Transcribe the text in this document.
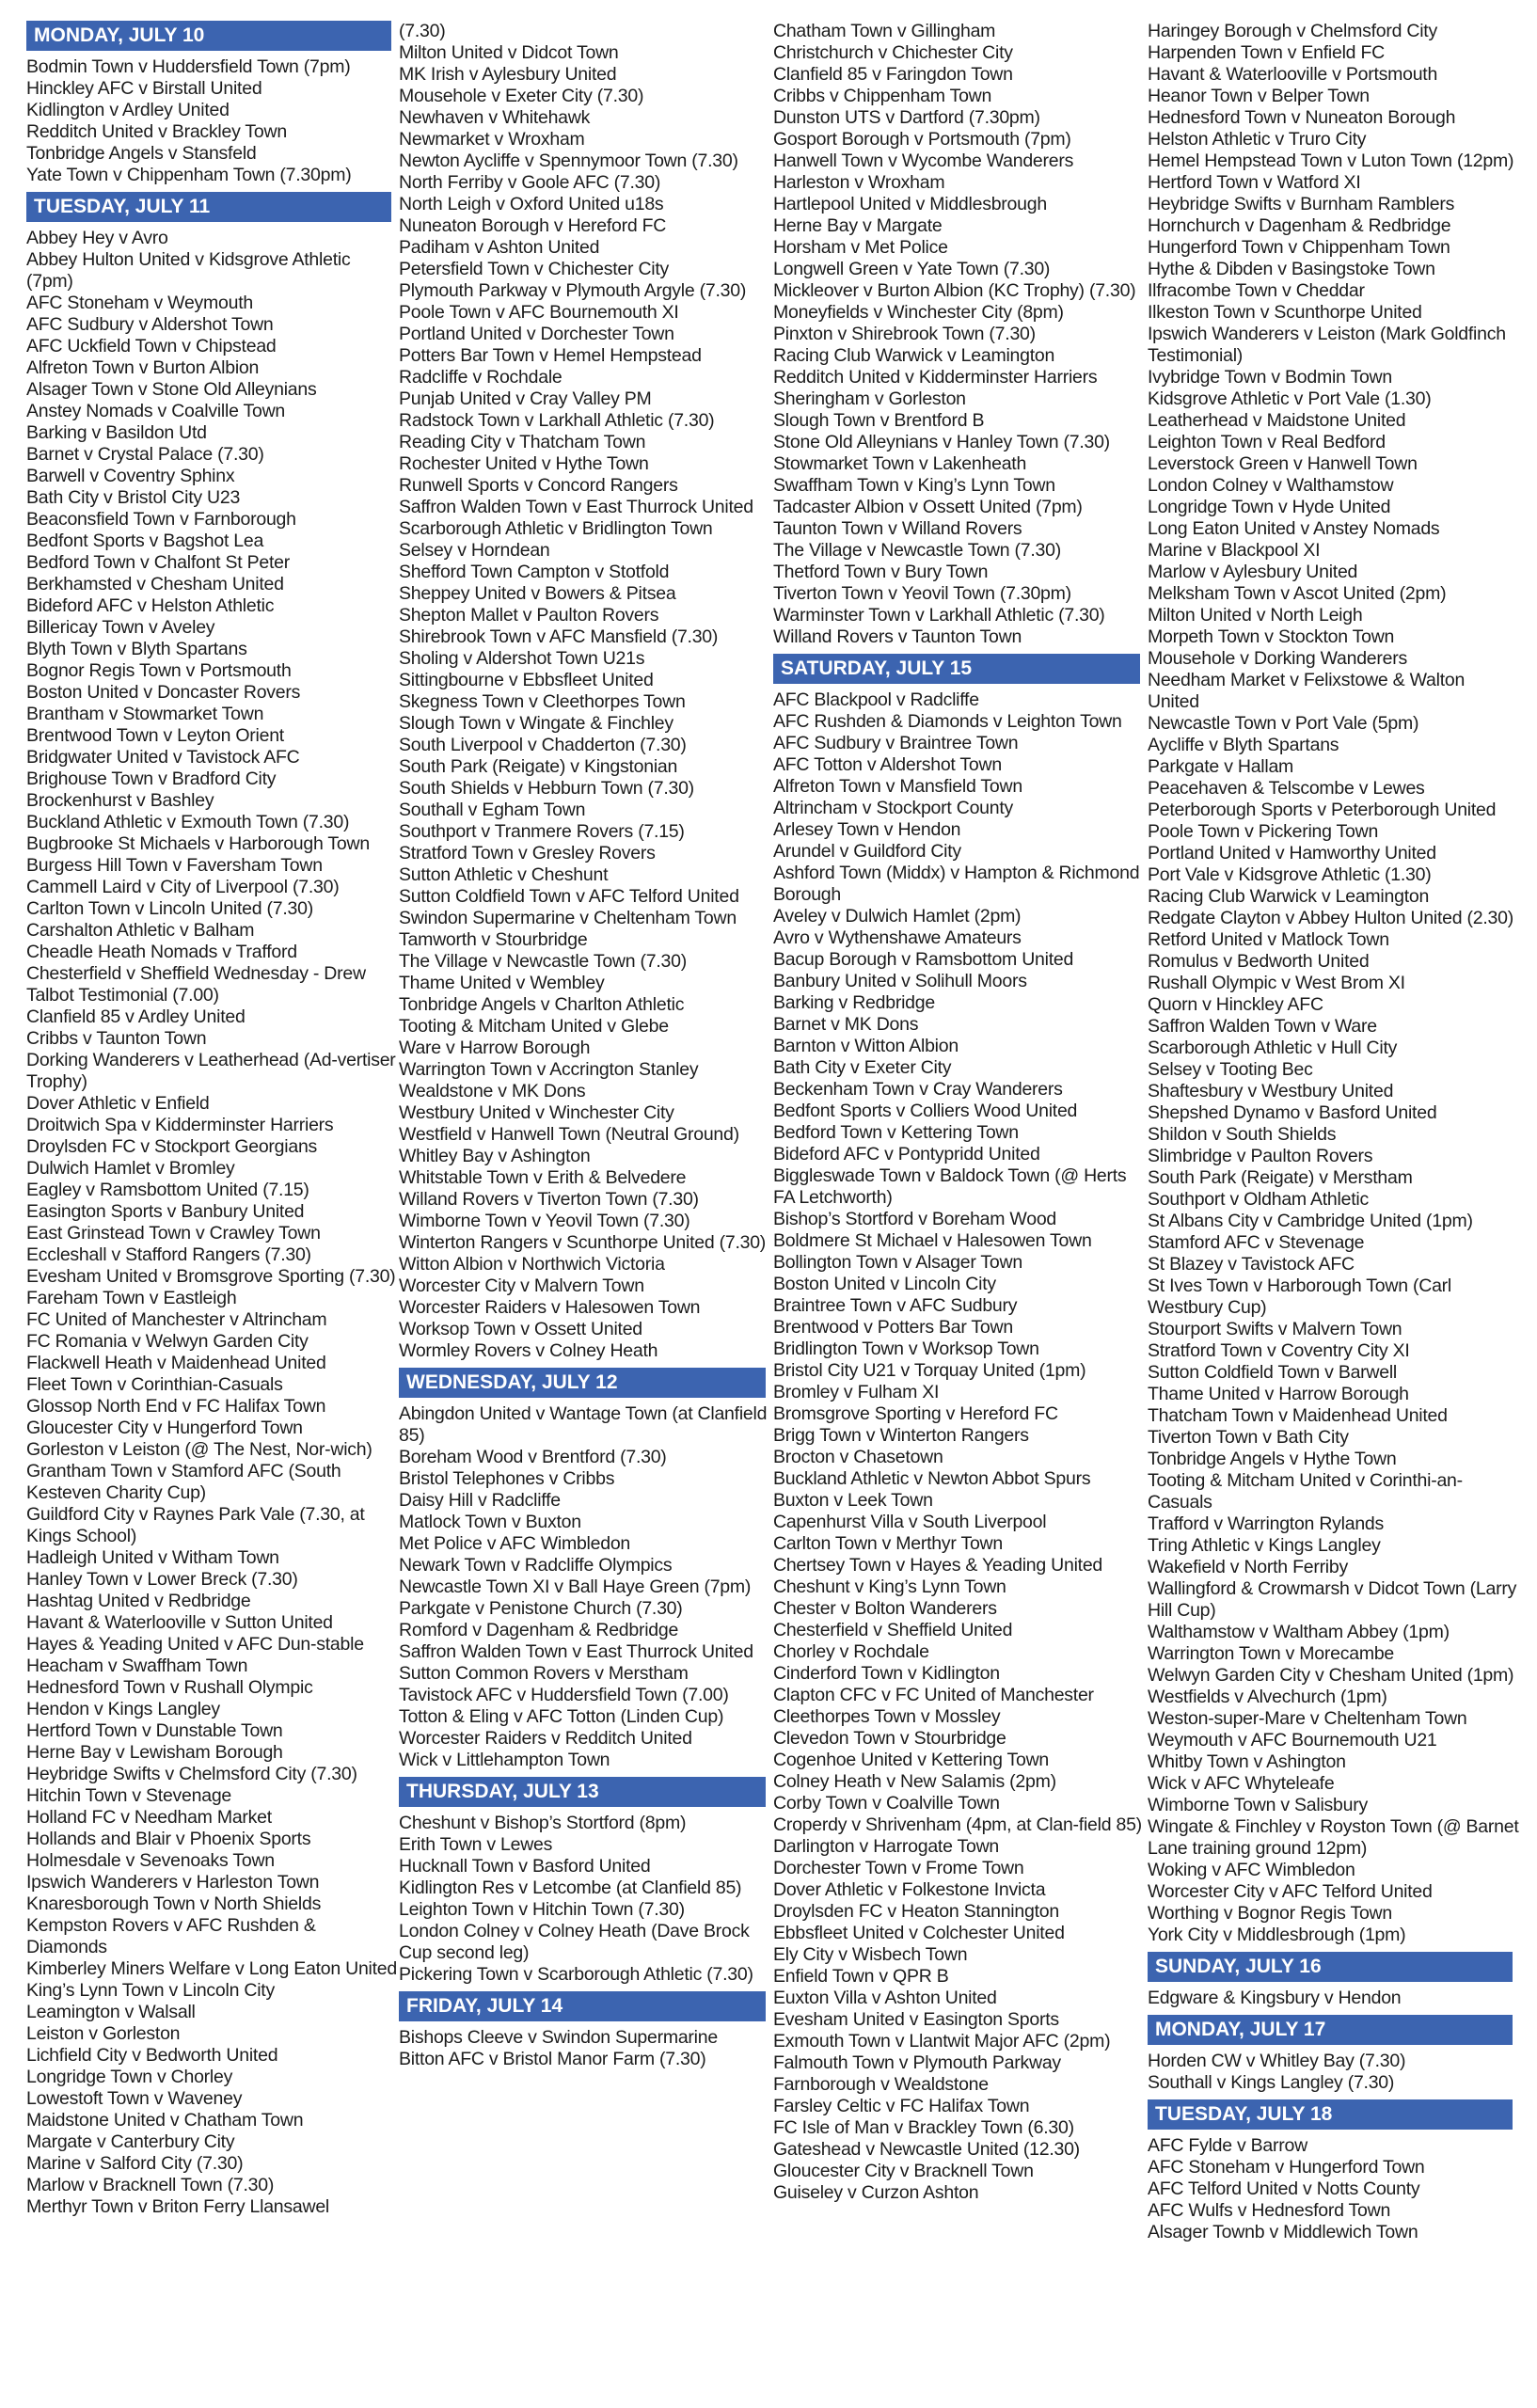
MONDAY, JULY 10
Bodmin Town v Huddersfield Town (7pm)
Hinckley AFC v Birstall United
Kidlington v Ardley United
Redditch United v Brackley Town
Tonbridge Angels v Stansfeld
Yate Town v Chippenham Town (7.30pm)
TUESDAY, JULY 11
Abbey Hey v Avro
Abbey Hulton United v Kidsgrove Athletic (7pm)
AFC Stoneham v Weymouth
AFC Sudbury v Aldershot Town
AFC Uckfield Town v Chipstead
Alfreton Town v Burton Albion
Alsager Town v Stone Old Alleynians
Anstey Nomads v Coalville Town
Barking v Basildon Utd
Barnet v Crystal Palace (7.30)
Barwell v Coventry Sphinx
Bath City v Bristol City U23
Beaconsfield Town v Farnborough
Bedfont Sports v Bagshot Lea
Bedford Town v Chalfont St Peter
Berkhamsted v Chesham United
Bideford AFC v Helston Athletic
Billericay Town v Aveley
Blyth Town v Blyth Spartans
Bognor Regis Town v Portsmouth
Boston United v Doncaster Rovers
Brantham v Stowmarket Town
Brentwood Town v Leyton Orient
Bridgwater United v Tavistock AFC
Brighouse Town v Bradford City
Brockenhurst v Bashley
Buckland Athletic v Exmouth Town (7.30)
Bugbrooke St Michaels v Harborough Town
Burgess Hill Town v Faversham Town
Cammell Laird v City of Liverpool (7.30)
Carlton Town v Lincoln United (7.30)
Carshalton Athletic v Balham
Cheadle Heath Nomads v Trafford
Chesterfield v Sheffield Wednesday - Drew Talbot Testimonial (7.00)
Clanfield 85 v Ardley United
Cribbs v Taunton Town
Dorking Wanderers v Leatherhead (Ad-vertiser Trophy)
Dover Athletic v Enfield
Droitwich Spa v Kidderminster Harriers
Droylsden FC v Stockport Georgians
Dulwich Hamlet v Bromley
Eagley v Ramsbottom United (7.15)
Easington Sports v Banbury United
East Grinstead Town v Crawley Town
Eccleshall v Stafford Rangers (7.30)
Evesham United v Bromsgrove Sporting (7.30)
Fareham Town v Eastleigh
FC United of Manchester v Altrincham
FC Romania v Welwyn Garden City
Flackwell Heath v Maidenhead United
Fleet Town v Corinthian-Casuals
Glossop North End v FC Halifax Town
Gloucester City v Hungerford Town
Gorleston v Leiston (@ The Nest, Nor-wich)
Grantham Town v Stamford AFC (South Kesteven Charity Cup)
Guildford City v Raynes Park Vale (7.30, at Kings School)
Hadleigh United v Witham Town
Hanley Town v Lower Breck (7.30)
Hashtag United v Redbridge
Havant & Waterlooville v Sutton United
Hayes & Yeading United v AFC Dun-stable
Heacham v Swaffham Town
Hednesford Town v Rushall Olympic
Hendon v Kings Langley
Hertford Town v Dunstable Town
Herne Bay v Lewisham Borough
Heybridge Swifts v Chelmsford City (7.30)
Hitchin Town v Stevenage
Holland FC v Needham Market
Hollands and Blair v Phoenix Sports
Holmesdale v Sevenoaks Town
Ipswich Wanderers v Harleston Town
Knaresborough Town v North Shields
Kempston Rovers v AFC Rushden & Diamonds
Kimberley Miners Welfare v Long Eaton United
King’s Lynn Town v Lincoln City
Leamington v Walsall
Leiston v Gorleston
Lichfield City v Bedworth United
Longridge Town v Chorley
Lowestoft Town v Waveney
Maidstone United v Chatham Town
Margate v Canterbury City
Marine v Salford City (7.30)
Marlow v Bracknell Town (7.30)
Merthyr Town v Briton Ferry Llansawel
(7.30)
Milton United v Didcot Town
MK Irish v Aylesbury United
Mousehole v Exeter City (7.30)
Newhaven v Whitehawk
Newmarket v Wroxham
Newton Aycliffe v Spennymoor Town (7.30)
North Ferriby v Goole AFC (7.30)
North Leigh v Oxford United u18s
Nuneaton Borough v Hereford FC
Padiham v Ashton United
Petersfield Town v Chichester City
Plymouth Parkway v Plymouth Argyle (7.30)
Poole Town v AFC Bournemouth XI
Portland United v Dorchester Town
Potters Bar Town v Hemel Hempstead
Radcliffe v Rochdale
Punjab United v Cray Valley PM
Radstock Town v Larkhall Athletic (7.30)
Reading City v Thatcham Town
Rochester United v Hythe Town
Runwell Sports v Concord Rangers
Saffron Walden Town v East Thurrock United
Scarborough Athletic v Bridlington Town
Selsey v Horndean
Shefford Town Campton v Stotfold
Sheppey United v Bowers & Pitsea
Shepton Mallet v Paulton Rovers
Shirebrook Town v AFC Mansfield (7.30)
Sholing v Aldershot Town U21s
Sittingbourne v Ebbsfleet United
Skegness Town v Cleethorpes Town
Slough Town v Wingate & Finchley
South Liverpool v Chadderton (7.30)
South Park (Reigate) v Kingstonian
South Shields v Hebburn Town (7.30)
Southall v Egham Town
Southport v Tranmere Rovers (7.15)
Stratford Town v Gresley Rovers
Sutton Athletic v Cheshunt
Sutton Coldfield Town v AFC Telford United
Swindon Supermarine v Cheltenham Town
Tamworth v Stourbridge
The Village v Newcastle Town (7.30)
Thame United v Wembley
Tonbridge Angels v Charlton Athletic
Tooting & Mitcham United v Glebe
Ware v Harrow Borough
Warrington Town v Accrington Stanley
Wealdstone v MK Dons
Westbury United v Winchester City
Westfield v Hanwell Town (Neutral Ground)
Whitley Bay v Ashington
Whitstable Town v Erith & Belvedere
Willand Rovers v Tiverton Town (7.30)
Wimborne Town v Yeovil Town (7.30)
Winterton Rangers v Scunthorpe United (7.30)
Witton Albion v Northwich Victoria
Worcester City v Malvern Town
Worcester Raiders v Halesowen Town
Worksop Town v Ossett United
Wormley Rovers v Colney Heath
WEDNESDAY, JULY 12
Abingdon United v Wantage Town (at Clanfield 85)
Boreham Wood v Brentford (7.30)
Bristol Telephones v Cribbs
Daisy Hill v Radcliffe
Matlock Town v Buxton
Met Police v AFC Wimbledon
Newark Town v Radcliffe Olympics
Newcastle Town XI v Ball Haye Green (7pm)
Parkgate v Penistone Church (7.30)
Romford v Dagenham & Redbridge
Saffron Walden Town v East Thurrock United
Sutton Common Rovers v Merstham
Tavistock AFC v Huddersfield Town (7.00)
Totton & Eling v AFC Totton (Linden Cup)
Worcester Raiders v Redditch United
Wick v Littlehampton Town
THURSDAY, JULY 13
Cheshunt v Bishop’s Stortford (8pm)
Erith Town v Lewes
Hucknall Town v Basford United
Kidlington Res v Letcombe (at Clanfield 85)
Leighton Town v Hitchin Town (7.30)
London Colney v Colney Heath (Dave Brock Cup second leg)
Pickering Town v Scarborough Athletic (7.30)
FRIDAY, JULY 14
Bishops Cleeve v Swindon Supermarine
Bitton AFC v Bristol Manor Farm (7.30)
Chatham Town v Gillingham
Christchurch v Chichester City
Clanfield 85 v Faringdon Town
Cribbs v Chippenham Town
Dunston UTS v Dartford (7.30pm)
Gosport Borough v Portsmouth (7pm)
Hanwell Town v Wycombe Wanderers
Harleston v Wroxham
Hartlepool United v Middlesbrough
Herne Bay v Margate
Horsham v Met Police
Longwell Green v Yate Town (7.30)
Mickleover v Burton Albion (KC Trophy) (7.30)
Moneyfields v Winchester City (8pm)
Pinxton v Shirebrook Town (7.30)
Racing Club Warwick v Leamington
Redditch United v Kidderminster Harriers
Sheringham v Gorleston
Slough Town v Brentford B
Stone Old Alleynians v Hanley Town (7.30)
Stowmarket Town v Lakenheath
Swaffham Town v King’s Lynn Town
Tadcaster Albion v Ossett United (7pm)
Taunton Town v Willand Rovers
The Village v Newcastle Town (7.30)
Thetford Town v Bury Town
Tiverton Town v Yeovil Town (7.30pm)
Warminster Town v Larkhall Athletic (7.30)
Willand Rovers v Taunton Town
SATURDAY, JULY 15
AFC Blackpool v Radcliffe
AFC Rushden & Diamonds v Leighton Town
AFC Sudbury v Braintree Town
AFC Totton v Aldershot Town
Alfreton Town v Mansfield Town
Altrincham v Stockport County
Arlesey Town v Hendon
Arundel v Guildford City
Ashford Town (Middx) v Hampton & Richmond Borough
Aveley v Dulwich Hamlet (2pm)
Avro v Wythenshawe Amateurs
Bacup Borough v Ramsbottom United
Banbury United v Solihull Moors
Barking v Redbridge
Barnet v MK Dons
Barnton v Witton Albion
Bath City v Exeter City
Beckenham Town v Cray Wanderers
Bedfont Sports v Colliers Wood United
Bedford Town v Kettering Town
Bideford AFC v Pontypridd United
Biggleswade Town v Baldock Town (@ Herts FA Letchworth)
Bishop’s Stortford v Boreham Wood
Boldmere St Michael v Halesowen Town
Bollington Town v Alsager Town
Boston United v Lincoln City
Braintree Town v AFC Sudbury
Brentwood v Potters Bar Town
Bridlington Town v Worksop Town
Bristol City U21 v Torquay United (1pm)
Bromley v Fulham XI
Bromsgrove Sporting v Hereford FC
Brigg Town v Winterton Rangers
Brocton v Chasetown
Buckland Athletic v Newton Abbot Spurs
Buxton v Leek Town
Capenhurst Villa v South Liverpool
Carlton Town v Merthyr Town
Chertsey Town v Hayes & Yeading United
Cheshunt v King’s Lynn Town
Chester v Bolton Wanderers
Chesterfield v Sheffield United
Chorley v Rochdale
Cinderford Town v Kidlington
Clapton CFC v FC United of Manchester
Cleethorpes Town v Mossley
Clevedon Town v Stourbridge
Cogenhoe United v Kettering Town
Colney Heath v New Salamis (2pm)
Corby Town v Coalville Town
Croperdy v Shrivenham (4pm, at Clan-field 85)
Darlington v Harrogate Town
Dorchester Town v Frome Town
Dover Athletic v Folkestone Invicta
Droylsden FC v Heaton Stannington
Ebbsfleet United v Colchester United
Ely City v Wisbech Town
Enfield Town v QPR B
Euxton Villa v Ashton United
Evesham United v Easington Sports
Exmouth Town v Llantwit Major AFC (2pm)
Falmouth Town v Plymouth Parkway
Farnborough v Wealdstone
Farsley Celtic v FC Halifax Town
FC Isle of Man v Brackley Town (6.30)
Gateshead v Newcastle United (12.30)
Gloucester City v Bracknell Town
Guiseley v Curzon Ashton
Haringey Borough v Chelmsford City
Harpenden Town v Enfield FC
Havant & Waterlooville v Portsmouth
Heanor Town v Belper Town
Hednesford Town v Nuneaton Borough
Helston Athletic v Truro City
Hemel Hempstead Town v Luton Town (12pm)
Hertford Town v Watford XI
Heybridge Swifts v Burnham Ramblers
Hornchurch v Dagenham & Redbridge
Hungerford Town v Chippenham Town
Hythe & Dibden v Basingstoke Town
Ilfracombe Town v Cheddar
Ilkeston Town v Scunthorpe United
Ipswich Wanderers v Leiston (Mark Goldfinch Testimonial)
Ivybridge Town v Bodmin Town
Kidsgrove Athletic v Port Vale (1.30)
Leatherhead v Maidstone United
Leighton Town v Real Bedford
Leverstock Green v Hanwell Town
London Colney v Walthamstow
Longridge Town v Hyde United
Long Eaton United v Anstey Nomads
Marine v Blackpool XI
Marlow v Aylesbury United
Melksham Town v Ascot United (2pm)
Milton United v North Leigh
Morpeth Town v Stockton Town
Mousehole v Dorking Wanderers
Needham Market v Felixstowe & Walton United
Newcastle Town v Port Vale (5pm)
Aycliffe v Blyth Spartans
Parkgate v Hallam
Peacehaven & Telscombe v Lewes
Peterborough Sports v Peterborough United
Poole Town v Pickering Town
Portland United v Hamworthy United
Port Vale v Kidsgrove Athletic (1.30)
Racing Club Warwick v Leamington
Redgate Clayton v Abbey Hulton United (2.30)
Retford United v Matlock Town
Romulus v Bedworth United
Rushall Olympic v West Brom XI
Quorn v Hinckley AFC
Saffron Walden Town v Ware
Scarborough Athletic v Hull City
Selsey v Tooting Bec
Shaftesbury v Westbury United
Shepshed Dynamo v Basford United
Shildon v South Shields
Slimbridge v Paulton Rovers
South Park (Reigate) v Merstham
Southport v Oldham Athletic
St Albans City v Cambridge United (1pm)
Stamford AFC v Stevenage
St Blazey v Tavistock AFC
St Ives Town v Harborough Town (Carl Westbury Cup)
Stourport Swifts v Malvern Town
Stratford Town v Coventry City XI
Sutton Coldfield Town v Barwell
Thame United v Harrow Borough
Thatcham Town v Maidenhead United
Tiverton Town v Bath City
Tonbridge Angels v Hythe Town
Tooting & Mitcham United v Corinthi-an-Casuals
Trafford v Warrington Rylands
Tring Athletic v Kings Langley
Wakefield v North Ferriby
Wallingford & Crowmarsh v Didcot Town (Larry Hill Cup)
Walthamstow v Waltham Abbey (1pm)
Warrington Town v Morecambe
Welwyn Garden City v Chesham United (1pm)
Westfields v Alvechurch (1pm)
Weston-super-Mare v Cheltenham Town
Weymouth v AFC Bournemouth U21
Whitby Town v Ashington
Wick v AFC Whyteleafe
Wimborne Town v Salisbury
Wingate & Finchley v Royston Town (@ Barnet Lane training ground 12pm)
Woking v AFC Wimbledon
Worcester City v AFC Telford United
Worthing v Bognor Regis Town
York City v Middlesbrough (1pm)
SUNDAY, JULY 16
Edgware & Kingsbury v Hendon
MONDAY, JULY 17
Horden CW v Whitley Bay (7.30)
Southall v Kings Langley (7.30)
TUESDAY, JULY 18
AFC Fylde v Barrow
AFC Stoneham v Hungerford Town
AFC Telford United v Notts County
AFC Wulfs v Hednesford Town
Alsager Townb v Middlewich Town
